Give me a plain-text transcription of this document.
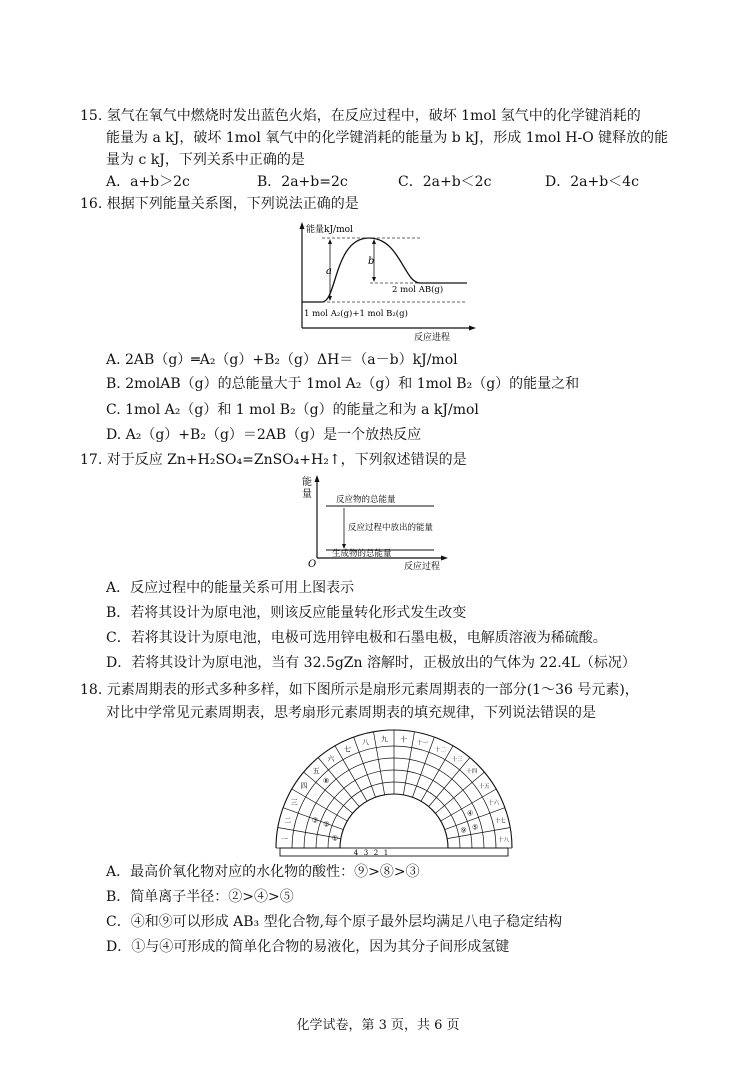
15. 氢气在氧气中燃烧时发出蓝色火焰，在反应过程中，破坏 1mol 氢气中的化学键消耗的
能量为 a kJ，破坏 1mol 氧气中的化学键消耗的能量为 b kJ，形成 1mol H-O 键释放的能
量为 c kJ，下列关系中正确的是
A．a+b＞2c	B．2a+b=2c	C．2a+b＜2c	D．2a+b＜4c
16. 根据下列能量关系图，下列说法正确的是
能量kJ/mol
反应进程
a
b
2 mol AB(g)
1 mol A₂(g)+1 mol B₂(g)
A. 2AB（g）═A₂（g）+B₂（g）ΔH＝（a－b）kJ/mol
B. 2molAB（g）的总能量大于 1mol A₂（g）和 1mol B₂（g）的能量之和
C. 1mol A₂（g）和 1 mol B₂（g）的能量之和为 a kJ/mol
D. A₂（g）+B₂（g）＝2AB（g）是一个放热反应
17. 对于反应 Zn+H₂SO₄=ZnSO₄+H₂↑，下列叙述错误的是
能
量
O	反应过程
反应物的总能量
生成物的总能量
反应过程中放出的能量
A．反应过程中的能量关系可用上图表示
B．若将其设计为原电池，则该反应能量转化形式发生改变
C．若将其设计为原电池，电极可选用锌电极和石墨电极，电解质溶液为稀硫酸。
D．若将其设计为原电池，当有 32.5gZn 溶解时，正极放出的气体为 22.4L（标况）
18. 元素周期表的形式多种多样，如下图所示是扇形元素周期表的一部分(1～36 号元素)，
对比中学常见元素周期表，思考扇形元素周期表的填充规律，下列说法错误的是
一
二
三
四
五
六
七
八 九 十
十一
十二
十三
十四
十五
十六
十七
十八
4 3 2 1
①
②
③
④
⑤
⑧
⑨
A．最高价氧化物对应的水化物的酸性：⑨>⑧>③
B．简单离子半径：②>④>⑤
C．④和⑨可以形成 AB₃ 型化合物,每个原子最外层均满足八电子稳定结构
D．①与④可形成的简单化合物的易液化，因为其分子间形成氢键
化学试卷，第 3 页，共 6 页
